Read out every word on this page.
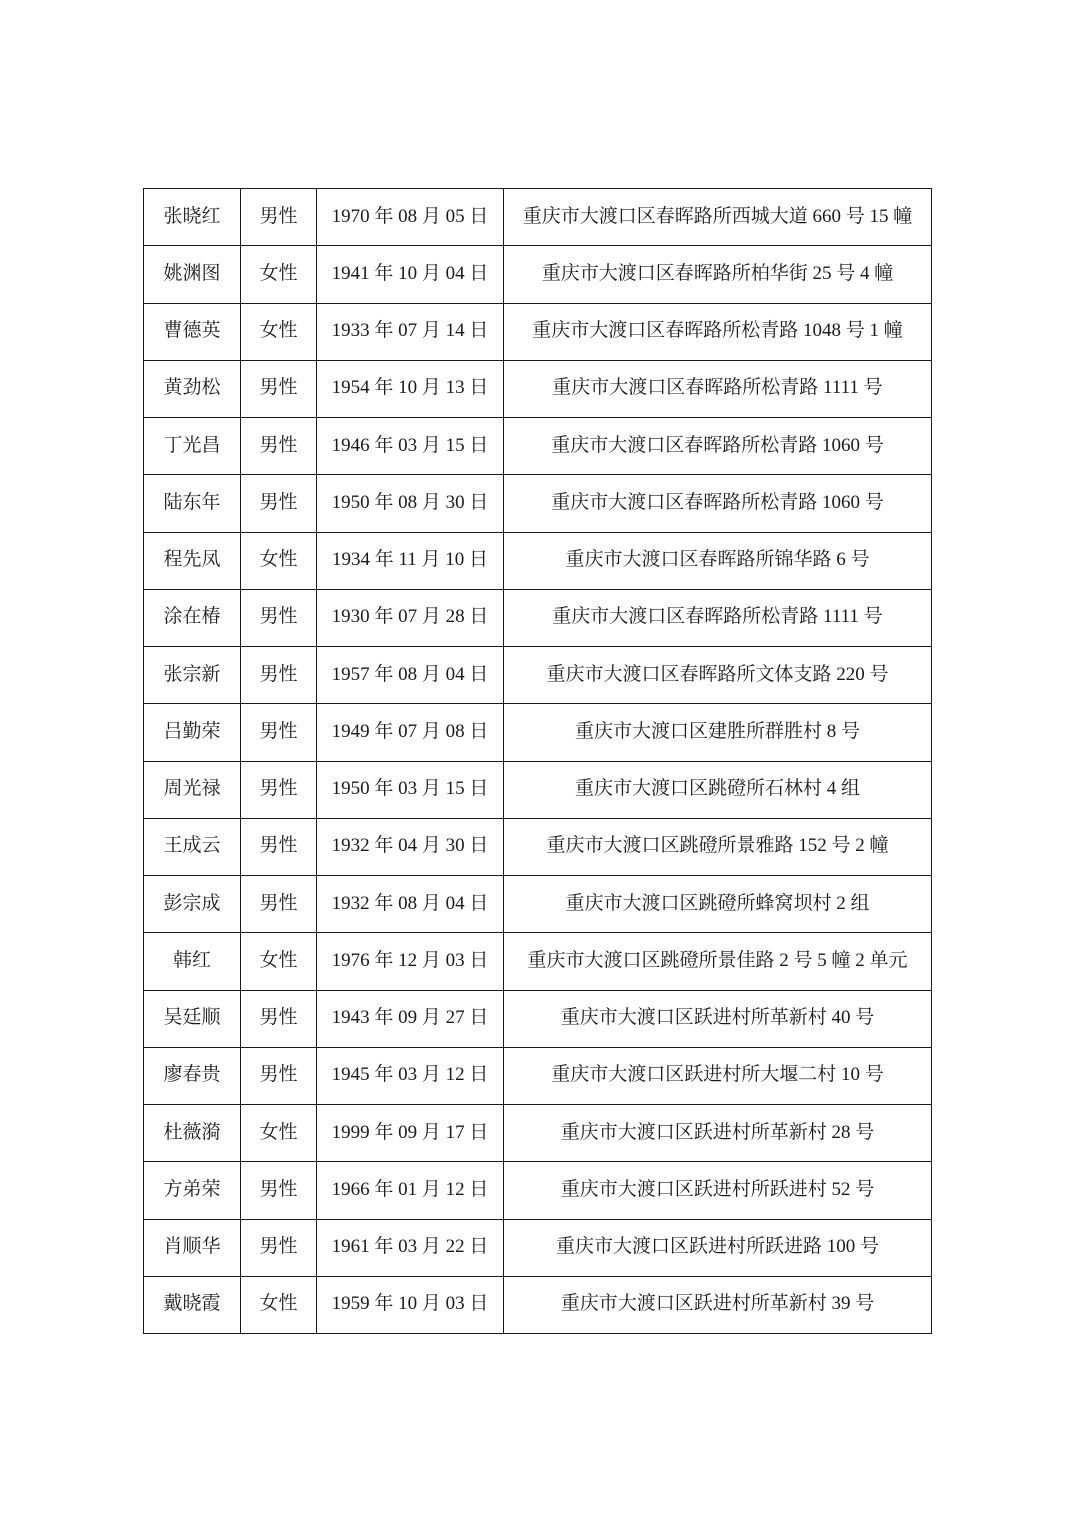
张晓红	男性	1970 年 08 月 05 日	重庆市大渡口区春晖路所西城大道 660 号 15 幢
姚渊图	女性	1941 年 10 月 04 日	重庆市大渡口区春晖路所柏华街 25 号 4 幢
曹德英	女性	1933 年 07 月 14 日	重庆市大渡口区春晖路所松青路 1048 号 1 幢
黄劲松	男性	1954 年 10 月 13 日	重庆市大渡口区春晖路所松青路 1111 号
丁光昌	男性	1946 年 03 月 15 日	重庆市大渡口区春晖路所松青路 1060 号
陆东年	男性	1950 年 08 月 30 日	重庆市大渡口区春晖路所松青路 1060 号
程先凤	女性	1934 年 11 月 10 日	重庆市大渡口区春晖路所锦华路 6 号
涂在椿	男性	1930 年 07 月 28 日	重庆市大渡口区春晖路所松青路 1111 号
张宗新	男性	1957 年 08 月 04 日	重庆市大渡口区春晖路所文体支路 220 号
吕勤荣	男性	1949 年 07 月 08 日	重庆市大渡口区建胜所群胜村 8 号
周光禄	男性	1950 年 03 月 15 日	重庆市大渡口区跳磴所石林村 4 组
王成云	男性	1932 年 04 月 30 日	重庆市大渡口区跳磴所景雅路 152 号 2 幢
彭宗成	男性	1932 年 08 月 04 日	重庆市大渡口区跳磴所蜂窝坝村 2 组
韩红	女性	1976 年 12 月 03 日	重庆市大渡口区跳磴所景佳路 2 号 5 幢 2 单元
吴廷顺	男性	1943 年 09 月 27 日	重庆市大渡口区跃进村所革新村 40 号
廖春贵	男性	1945 年 03 月 12 日	重庆市大渡口区跃进村所大堰二村 10 号
杜薇漪	女性	1999 年 09 月 17 日	重庆市大渡口区跃进村所革新村 28 号
方弟荣	男性	1966 年 01 月 12 日	重庆市大渡口区跃进村所跃进村 52 号
肖顺华	男性	1961 年 03 月 22 日	重庆市大渡口区跃进村所跃进路 100 号
戴晓霞	女性	1959 年 10 月 03 日	重庆市大渡口区跃进村所革新村 39 号
